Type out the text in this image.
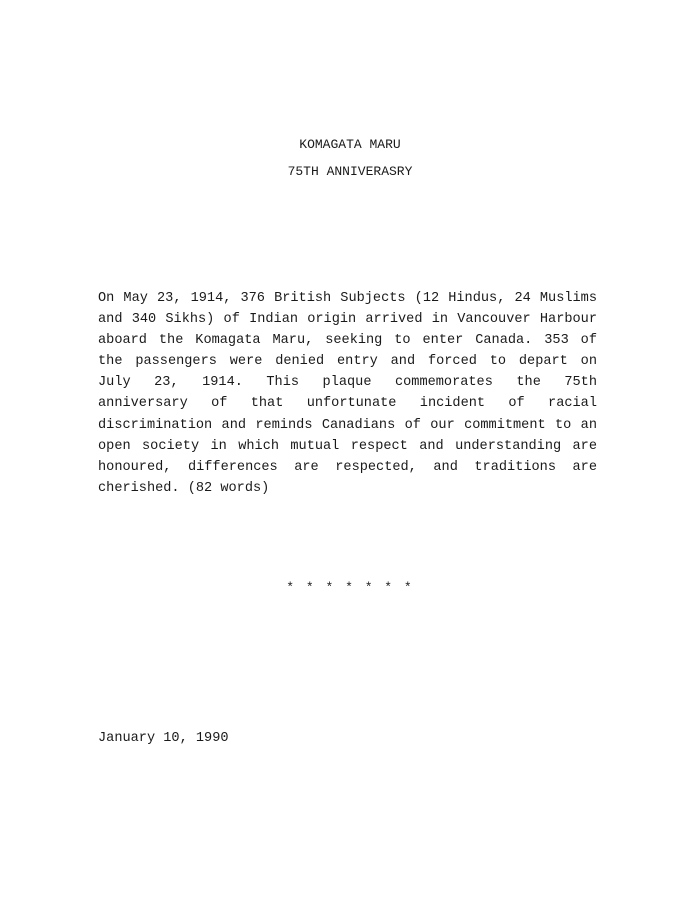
KOMAGATA MARU
75TH ANNIVERASRY
On May 23, 1914, 376 British Subjects (12 Hindus, 24 Muslims
and 340 Sikhs) of Indian origin arrived in Vancouver Harbour
aboard the Komagata Maru, seeking to enter Canada. 353 of
the passengers were denied entry and forced to depart on
July 23, 1914. This plaque commemorates the 75th
anniversary of that unfortunate incident of racial
discrimination and reminds Canadians of our commitment to an
open society in which mutual respect and understanding are
honoured, differences are respected, and traditions are
cherished. (82 words)
* * * * * * *
January 10, 1990
